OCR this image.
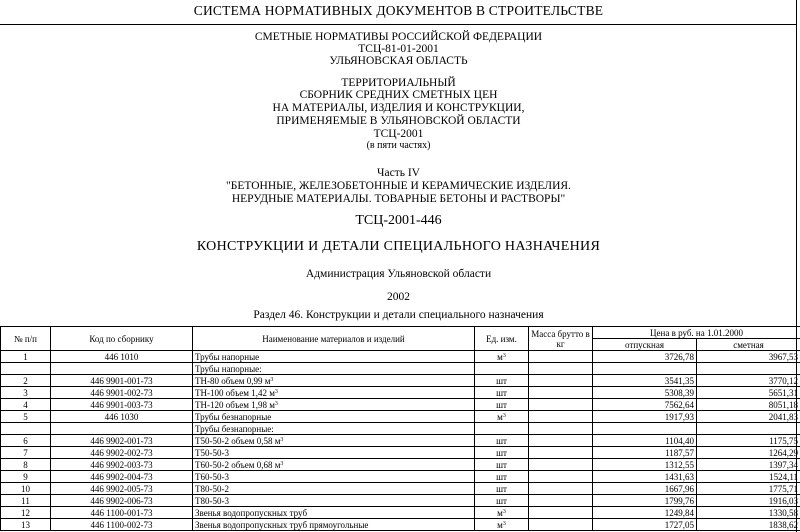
СИСТЕМА НОРМАТИВНЫХ ДОКУМЕНТОВ В СТРОИТЕЛЬСТВЕ
СМЕТНЫЕ НОРМАТИВЫ РОССИЙСКОЙ ФЕДЕРАЦИИ
ТСЦ-81-01-2001
УЛЬЯНОВСКАЯ ОБЛАСТЬ
ТЕРРИТОРИАЛЬНЫЙ
СБОРНИК СРЕДНИХ СМЕТНЫХ ЦЕН
НА МАТЕРИАЛЫ, ИЗДЕЛИЯ И КОНСТРУКЦИИ,
ПРИМЕНЯЕМЫЕ В УЛЬЯНОВСКОЙ ОБЛАСТИ
ТСЦ-2001
(в пяти частях)
Часть IV
"БЕТОННЫЕ, ЖЕЛЕЗОБЕТОННЫЕ И КЕРАМИЧЕСКИЕ ИЗДЕЛИЯ.
НЕРУДНЫЕ МАТЕРИАЛЫ. ТОВАРНЫЕ БЕТОНЫ И РАСТВОРЫ"
ТСЦ-2001-446
КОНСТРУКЦИИ И ДЕТАЛИ СПЕЦИАЛЬНОГО НАЗНАЧЕНИЯ
Администрация Ульяновской области
2002
Раздел 46. Конструкции и детали специального назначения
№ п/п	Код по сборнику	Наименование материалов и изделий	Ед. изм.	Масса брутто в кг	Цена в руб. на 1.01.2000	
					отпускная	сметная
1	446 1010	Трубы напорные	$м^3$		3726,78	3967,53
		Трубы напорные:				
2	446 9901-001-73	ТН-80 объем 0,99 $м^3$	шт		3541,35	3770,12
3	446 9901-002-73	ТН-100 объем 1,42 $м^3$	шт		5308,39	5651,31
4	446 9901-003-73	ТН-120 объем 1,98 $м^3$	шт		7562,64	8051,18
5	446 1030	Трубы безнапорные	$м^3$		1917,93	2041,83
		Трубы безнапорные:				
6	446 9902-001-73	Т50-50-2 объем 0,58 $м^3$	шт		1104,40	1175,75
7	446 9902-002-73	Т50-50-3	шт		1187,57	1264,29
8	446 9902-003-73	Т60-50-2 объем 0,68 $м^3$	шт		1312,55	1397,34
9	446 9902-004-73	Т60-50-3	шт		1431,63	1524,11
10	446 9902-005-73	Т80-50-2	шт		1667,96	1775,71
11	446 9902-006-73	Т80-50-3	шт		1799,76	1916,03
12	446 1100-001-73	Звенья водопропускных труб	$м^3$		1249,84	1330,58
13	446 1100-002-73	Звенья водопропускных труб прямоугольные	$м^3$		1727,05	1838,62
